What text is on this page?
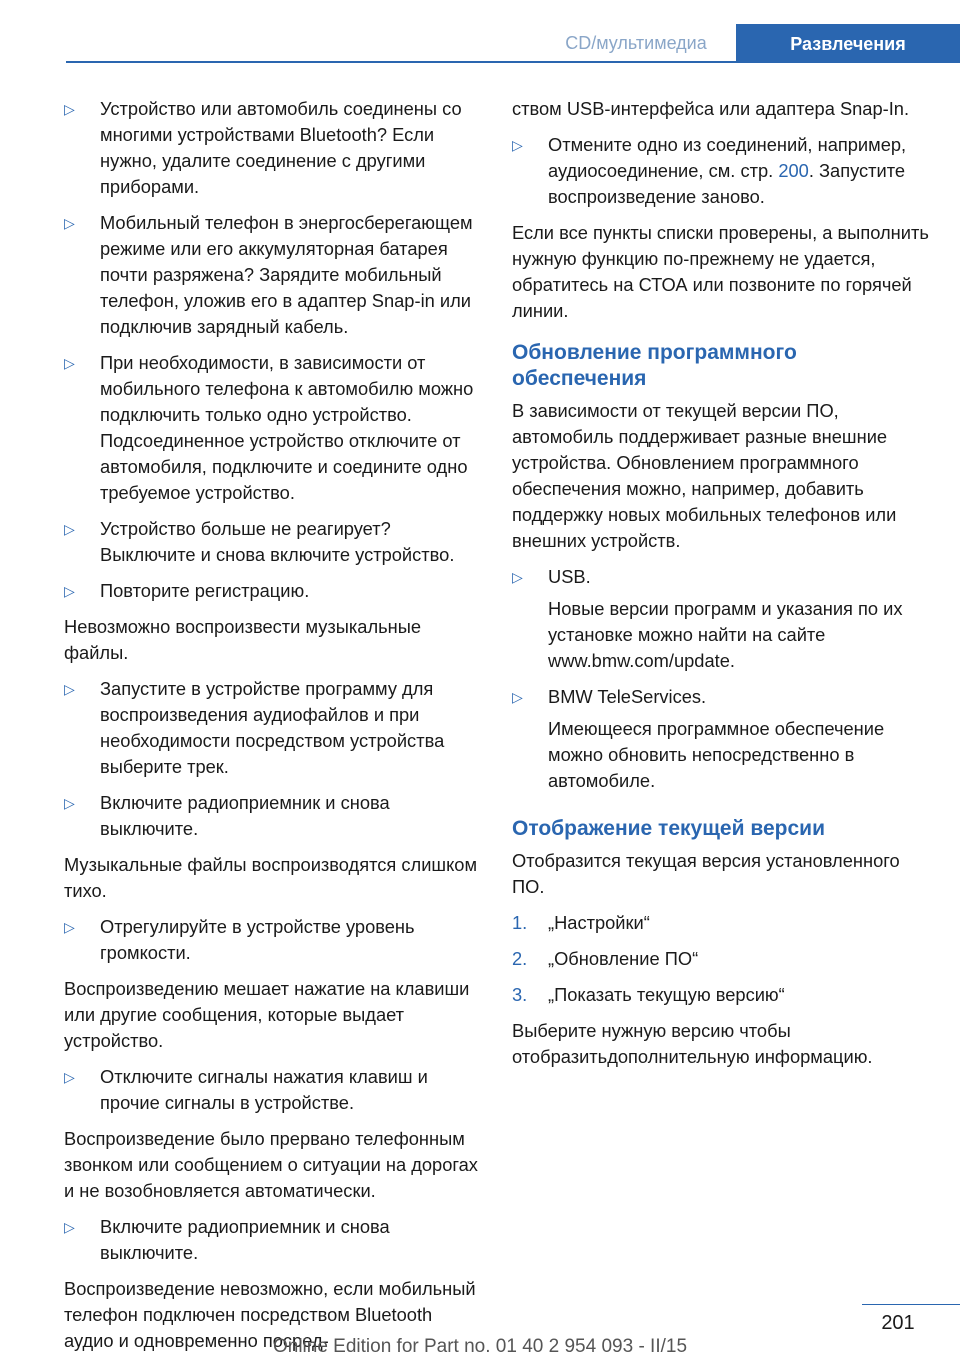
CD/мультимедиа	Развлечения
▷	Устройство или автомобиль соединены со многими устройствами Bluetooth? Если нужно, удалите соединение с другими приборами.
▷	Мобильный телефон в энергосберегающем режиме или его аккумуляторная батарея почти разряжена? Зарядите мобильный телефон, уложив его в адаптер Snap-in или подключив зарядный кабель.
▷	При необходимости, в зависимости от мобильного телефона к автомобилю можно подключить только одно устройство. Подсоединенное устройство отключите от автомобиля, подключите и соедините одно требуемое устройство.
▷	Устройство больше не реагирует? Выключите и снова включите устройство.
▷	Повторите регистрацию.

Невозможно воспроизвести музыкальные файлы.

▷	Запустите в устройстве программу для воспроизведения аудиофайлов и при необходимости посредством устройства выберите трек.
▷	Включите радиоприемник и снова выключите.

Музыкальные файлы воспроизводятся слишком тихо.

▷	Отрегулируйте в устройстве уровень громкости.

Воспроизведению мешает нажатие на клавиши или другие сообщения, которые выдает устройство.

▷	Отключите сигналы нажатия клавиш и прочие сигналы в устройстве.

Воспроизведение было прервано телефонным звонком или сообщением о ситуации на дорогах и не возобновляется автоматически.

▷	Включите радиоприемник и снова выключите.

Воспроизведение невозможно, если мобильный телефон подключен посредством Bluetooth аудио и одновременно посред-

ством USB-интерфейса или адаптера Snap-In.

▷	Отмените одно из соединений, например, аудиосоединение, см. стр. 200. Запустите воспроизведение заново.

Если все пункты списки проверены, а выполнить нужную функцию по-прежнему не удается, обратитесь на СТОА или позвоните по горячей линии.

Обновление программного обеспечения

В зависимости от текущей версии ПО, автомобиль поддерживает разные внешние устройства. Обновлением программного обеспечения можно, например, добавить поддержку новых мобильных телефонов или внешних устройств.

▷	USB.
Новые версии программ и указания по их установке можно найти на сайте www.bmw.com/update.
▷	BMW TeleServices.
Имеющееся программное обеспечение можно обновить непосредственно в автомобиле.
Отображение текущей версии

Отобразится текущая версия установленного ПО.

1.	„Настройки“
2.	„Обновление ПО“
3.	„Показать текущую версию“

Выберите нужную версию чтобы отобразитьдополнительную информацию.

201
Online Edition for Part no. 01 40 2 954 093 - II/15
